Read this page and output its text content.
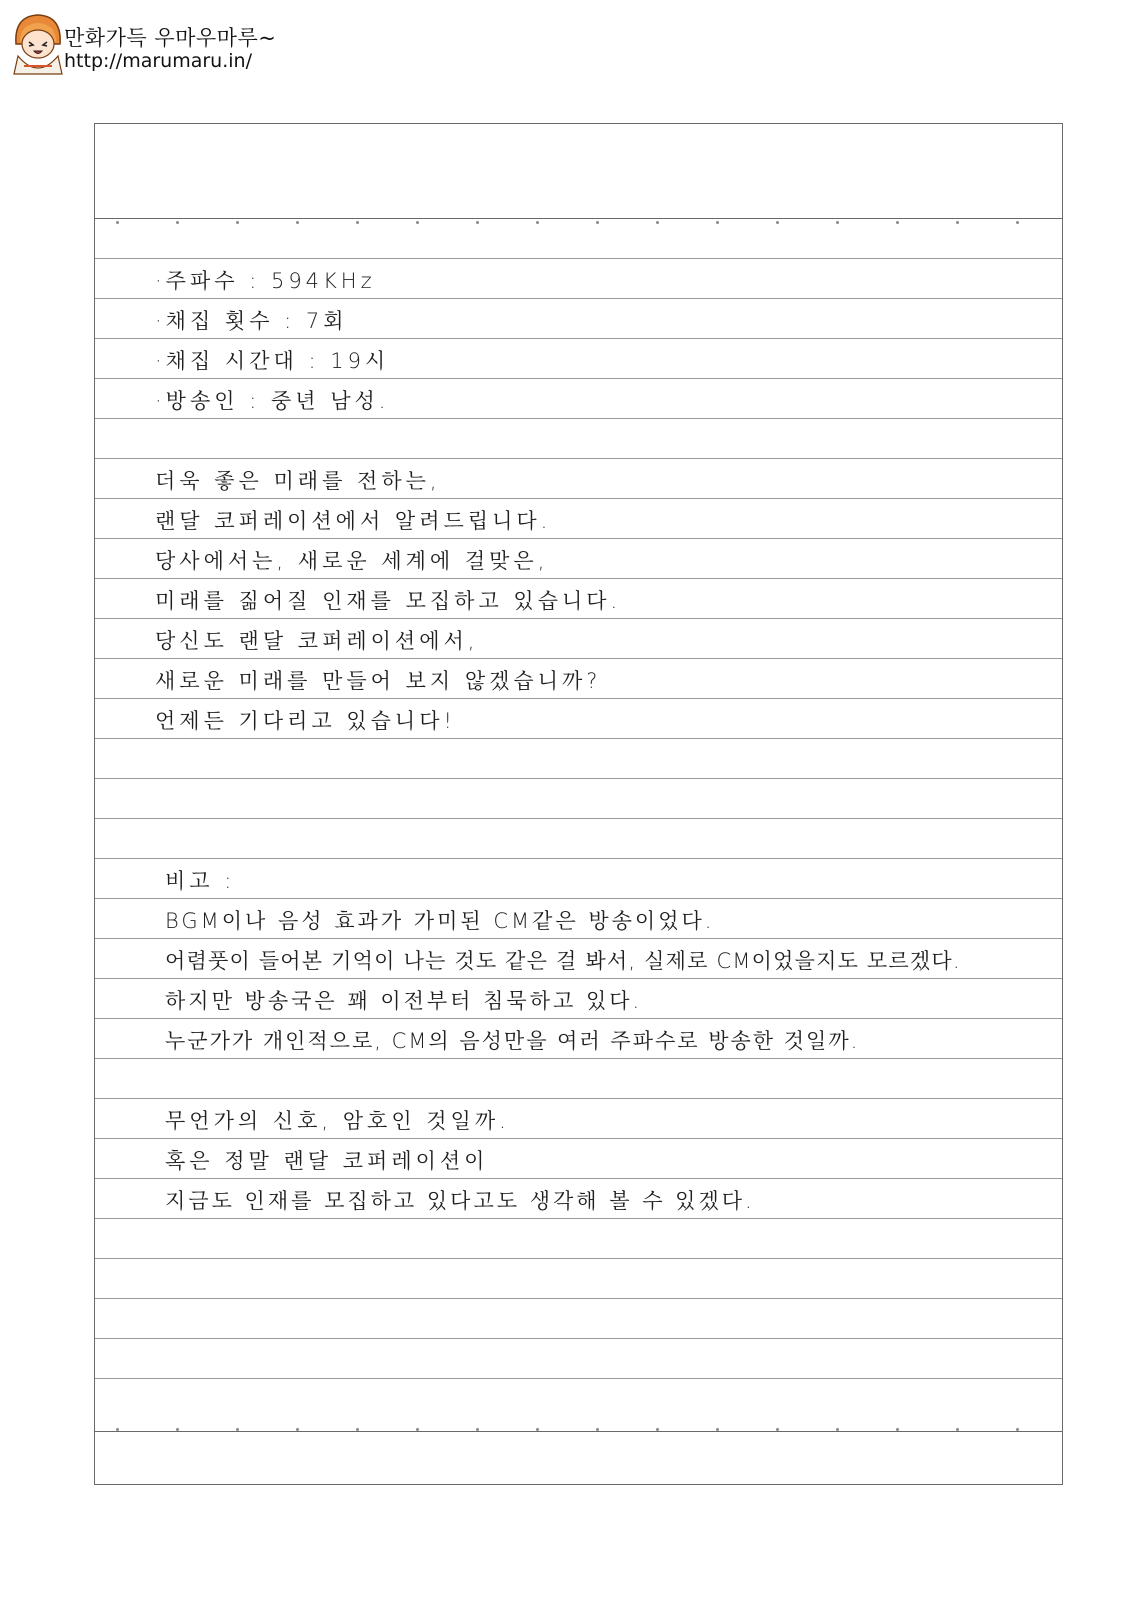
만화가득 우마우마루~
http://marumaru.in/
·주파수 : 594KHz
·채집 횟수 : 7회
·채집 시간대 : 19시
·방송인 : 중년 남성.
더욱 좋은 미래를 전하는,
랜달 코퍼레이션에서 알려드립니다.
당사에서는, 새로운 세계에 걸맞은,
미래를 짊어질 인재를 모집하고 있습니다.
당신도 랜달 코퍼레이션에서,
새로운 미래를 만들어 보지 않겠습니까?
언제든 기다리고 있습니다!
비고 :
BGM이나 음성 효과가 가미된 CM같은 방송이었다.
어렴풋이 들어본 기억이 나는 것도 같은 걸 봐서, 실제로 CM이었을지도 모르겠다.
하지만 방송국은 꽤 이전부터 침묵하고 있다.
누군가가 개인적으로, CM의 음성만을 여러 주파수로 방송한 것일까.
무언가의 신호, 암호인 것일까.
혹은 정말 랜달 코퍼레이션이
지금도 인재를 모집하고 있다고도 생각해 볼 수 있겠다.
